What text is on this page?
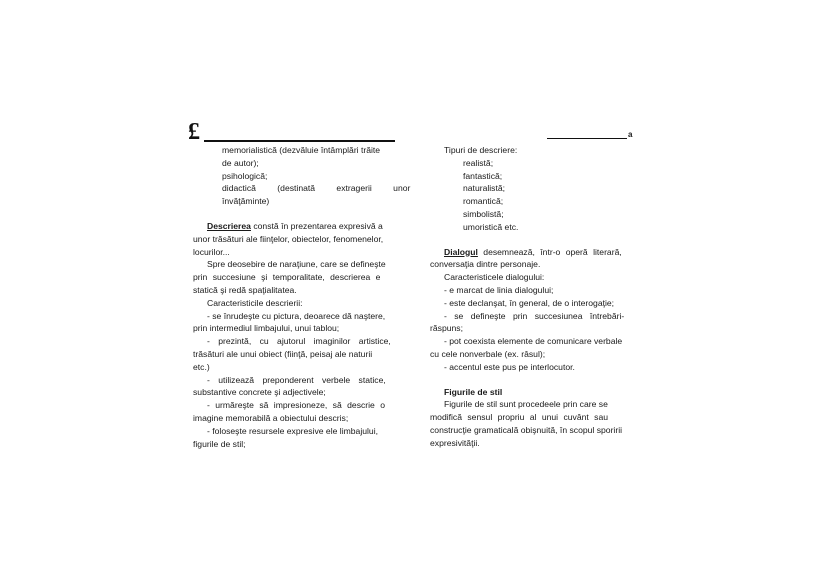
£	a
memorialistică (dezvăluie întâmplări trăite
de autor);
psihologică;
didactică (destinată extragerii unor
învăţăminte)
Descrierea constă în prezentarea expresivă a
unor trăsături ale fiinţelor, obiectelor, fenomenelor,
locurilor...
Spre deosebire de naraţiune, care se defineşte
prin succesiune şi temporalitate, descrierea e
statică şi redă spaţialitatea.
Caracteristicile descrierii:
- se înrudeşte cu pictura, deoarece dă naştere,
prin intermediul limbajului, unui tablou;
- prezintă, cu ajutorul imaginilor artistice,
trăsături ale unui obiect (fiinţă, peisaj ale naturii
etc.)
- utilizează preponderent verbele statice,
substantive concrete şi adjectivele;
- urmăreşte să impresioneze, să descrie o
imagine memorabilă a obiectului descris;
- foloseşte resursele expresive ele limbajului,
figurile de stil;
Tipuri de descriere:
realistă;
fantastică;
naturalistă;
romantică;
simbolistă;
umoristică etc.
Dialogul desemnează, într-o operă literară,
conversaţia dintre personaje.
Caracteristicele dialogului:
- e marcat de linia dialogului;
- este declanşat, în general, de o interogaţie;
- se defineşte prin succesiunea întrebări-
răspuns;
- pot coexista elemente de comunicare verbale
cu cele nonverbale (ex. râsul);
- accentul este pus pe interlocutor.
Figurile de stil
Figurile de stil sunt procedeele prin care se
modifică sensul propriu al unui cuvânt sau
construcţie gramaticală obişnuită, în scopul sporirii
expresivităţii.
